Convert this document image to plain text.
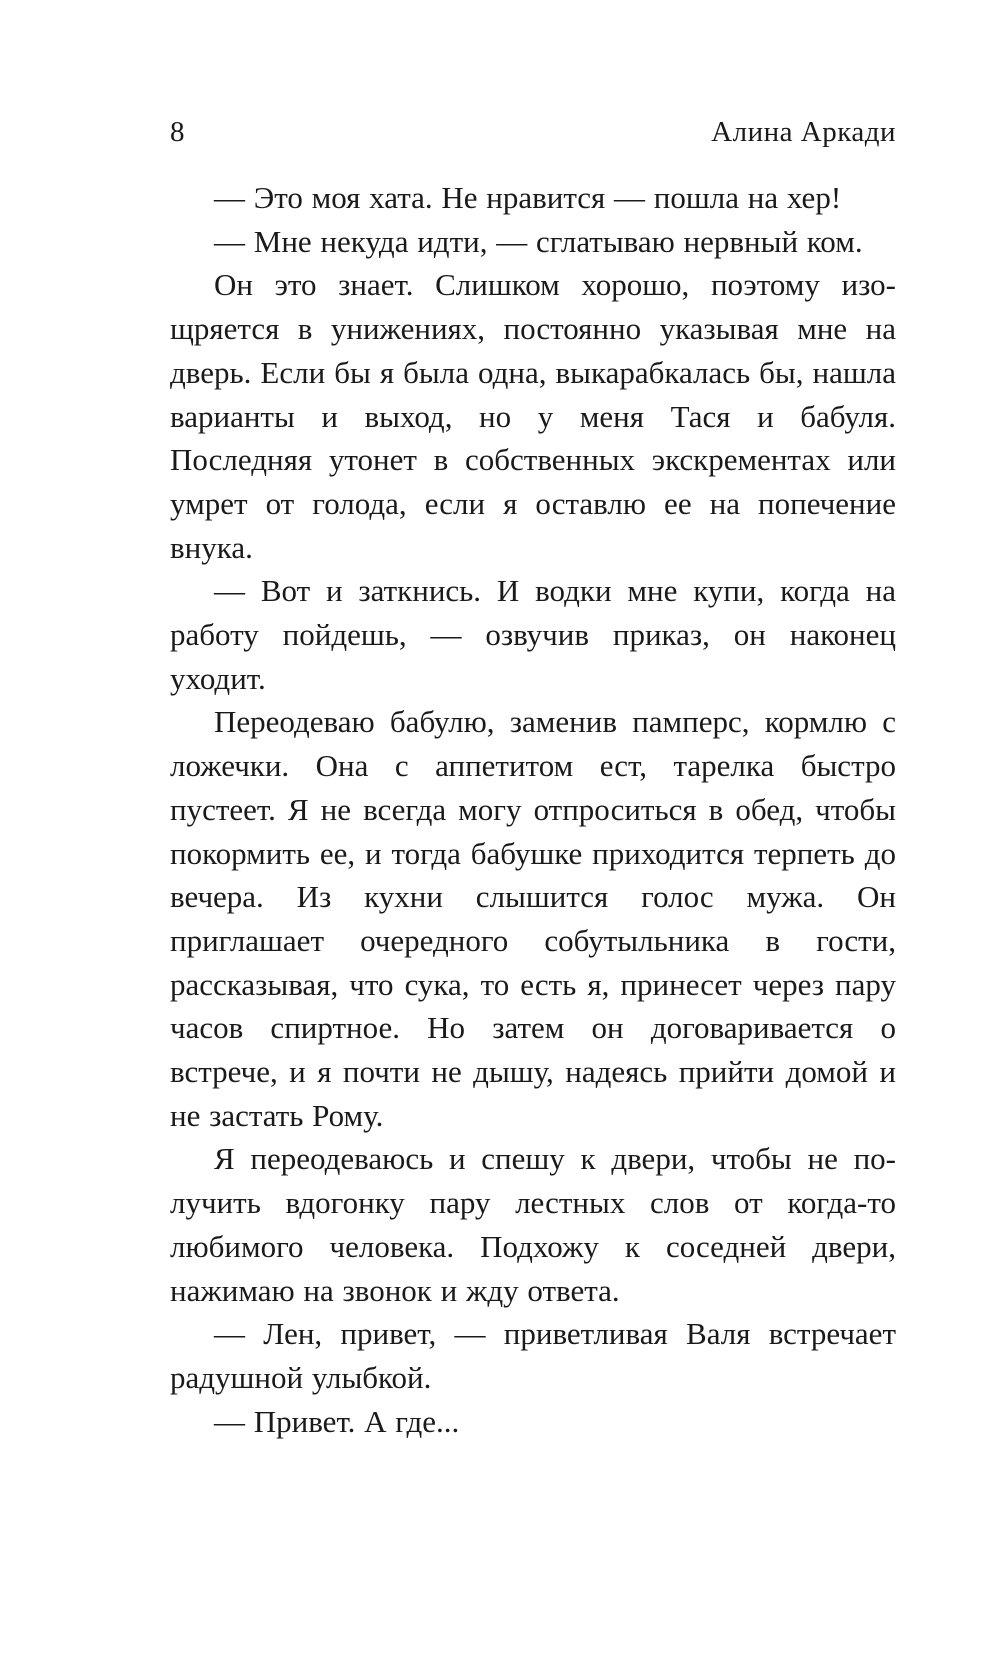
8	Алина Аркади

— Это моя хата. Не нравится — пошла на хер!

— Мне некуда идти, — сглатываю нервный ком.

Он это знает. Слишком хорошо, поэтому изощряется в унижениях, постоянно указывая мне на дверь. Если бы я была одна, выкарабкалась бы, нашла варианты и выход, но у меня Тася и бабуля. Последняя утонет в собственных экскрементах или умрет от голода, если я оставлю ее на попечение внука.

— Вот и заткнись. И водки мне купи, когда на работу пойдешь, — озвучив приказ, он наконец уходит.

Переодеваю бабулю, заменив памперс, кормлю с ложечки. Она с аппетитом ест, тарелка быстро пустеет. Я не всегда могу отпроситься в обед, чтобы покормить ее, и тогда бабушке приходится терпеть до вечера. Из кухни слышится голос мужа. Он приглашает очередного собутыльника в гости, рассказывая, что сука, то есть я, принесет через пару часов спиртное. Но затем он договаривается о встрече, и я почти не дышу, надеясь прийти домой и не застать Рому.

Я переодеваюсь и спешу к двери, чтобы не получить вдогонку пару лестных слов от когда-то любимого человека. Подхожу к соседней двери, нажимаю на звонок и жду ответа.

— Лен, привет, — приветливая Валя встречает радушной улыбкой.

— Привет. А где...
